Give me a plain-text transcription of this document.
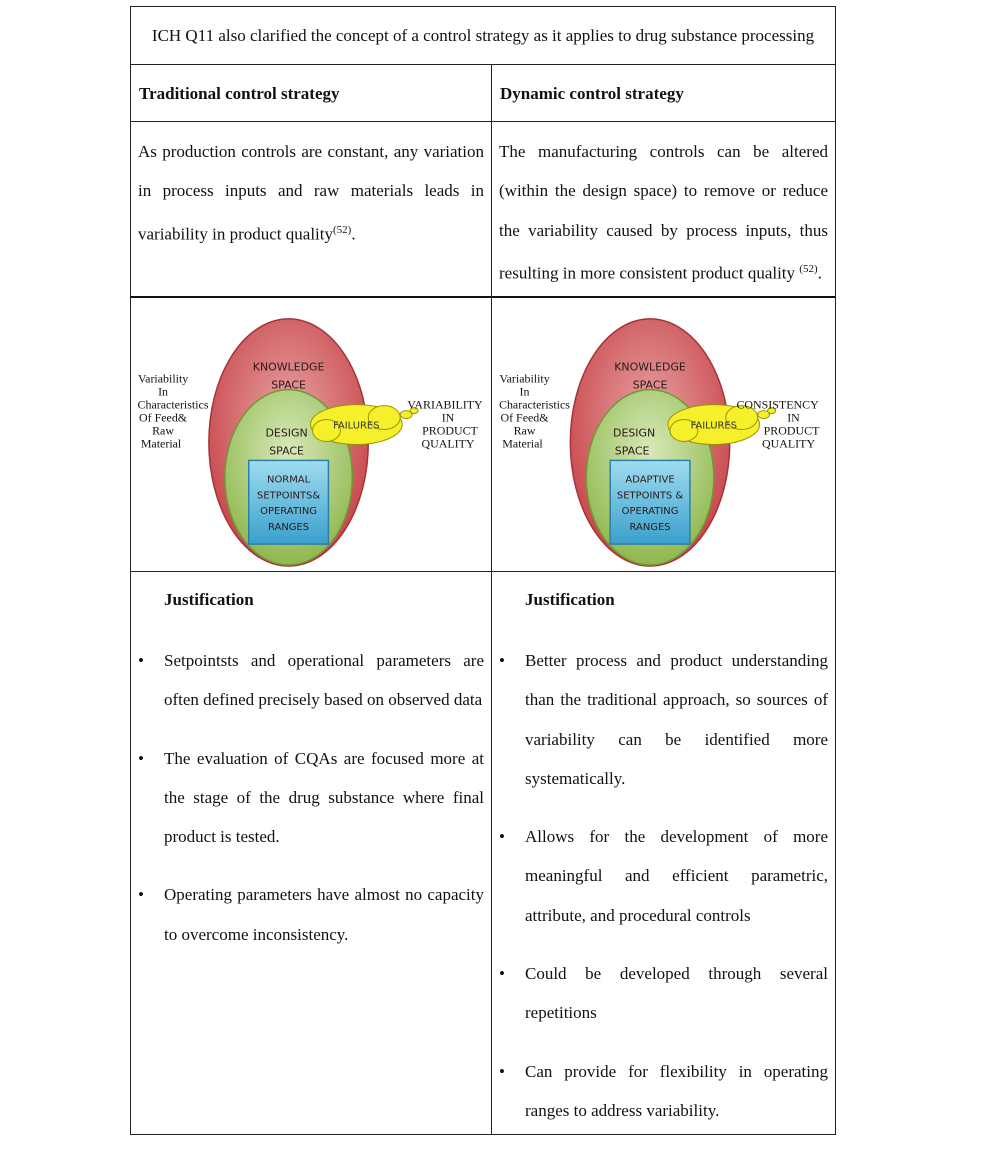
ICH Q11 also clarified the concept of a control strategy as it applies to drug substance processing
Traditional control strategy	Dynamic control strategy
As production controls are constant, any variation in process inputs and raw materials leads in variability in product quality$^{(52)}$.
The manufacturing controls can be altered (within the design space) to remove or reduce the variability caused by process inputs, thus resulting in more consistent product quality $^{(52)}$.
FAILURES
KNOWLEDGE
SPACE
DESIGN
SPACE
NORMAL
SETPOINTS&
OPERATING
RANGES
Variability
In
Characteristics
Of Feed&
Raw
Material
VARIABILITY
IN
PRODUCT
QUALITY
FAILURES
KNOWLEDGE
SPACE
DESIGN
SPACE
ADAPTIVE
SETPOINTS &
OPERATING
RANGES
Variability
In
Characteristics
Of Feed&
Raw
Material
CONSISTENCY
IN
PRODUCT
QUALITY
Justification
• Setpointsts and operational parameters are often defined precisely based on observed data
• The evaluation of CQAs are focused more at the stage of the drug substance where final product is tested.
• Operating parameters have almost no capacity to overcome inconsistency.
Justification
• Better process and product understanding than the traditional approach, so sources of variability can be identified more systematically.
• Allows for the development of more meaningful and efficient parametric, attribute, and procedural controls
• Could be developed through several repetitions
• Can provide for flexibility in operating ranges to address variability.
